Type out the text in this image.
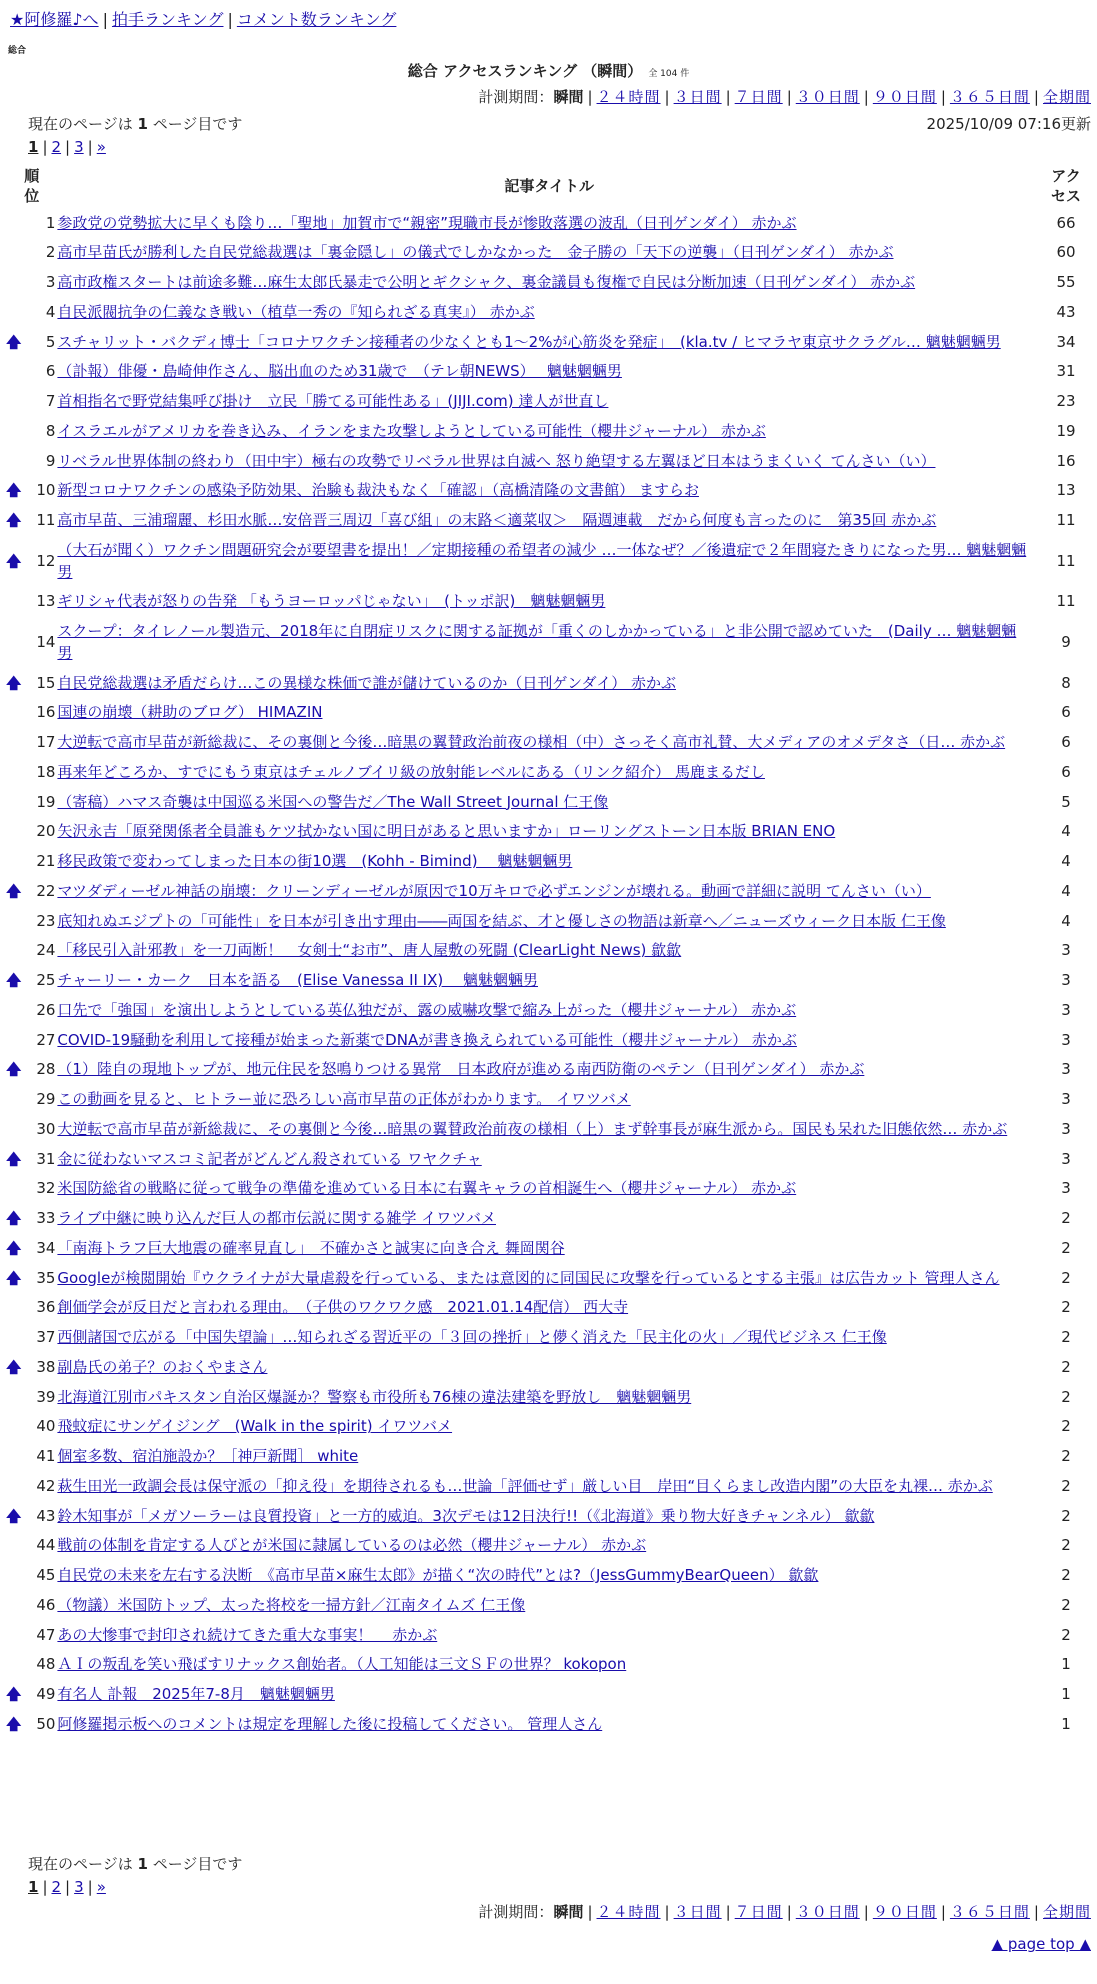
★阿修羅♪へ | 拍手ランキング | コメント数ランキング
総合
総合 アクセスランキング （瞬間） 全 104 件
計測期間：瞬間 | ２４時間 | ３日間 | ７日間 | ３０日間 | ９０日間 | ３６５日間 | 全期間
現在のページは 1 ページ目です	2025/10/09 07:16更新
1 | 2 | 3 | »
順
位		記事タイトル	アク
セス
	1	参政党の党勢拡大に早くも陰り…「聖地」加賀市で“親密”現職市長が惨敗落選の波乱（日刊ゲンダイ） 赤かぶ	66
	2	高市早苗氏が勝利した自民党総裁選は「裏金隠し」の儀式でしかなかった　金子勝の「天下の逆襲」（日刊ゲンダイ） 赤かぶ	60
	3	高市政権スタートは前途多難…麻生太郎氏暴走で公明とギクシャク、裏金議員も復権で自民は分断加速（日刊ゲンダイ） 赤かぶ	55
	4	自民派閥抗争の仁義なき戦い（植草一秀の『知られざる真実』） 赤かぶ	43
🡅	5	スチャリット・バクディ博士「コロナワクチン接種者の少なくとも1～2%が心筋炎を発症」　(kla.tv / ヒマラヤ東京サクラグル… 魑魅魍魎男	34
	6	（訃報）俳優・島崎伸作さん、脳出血のため31歳で　（テレ朝NEWS）　 魑魅魍魎男	31
	7	首相指名で野党結集呼び掛け　立民「勝てる可能性ある」(JIJI.com) 達人が世直し	23
	8	イスラエルがアメリカを巻き込み、イランをまた攻撃しようとしている可能性（櫻井ジャーナル） 赤かぶ	19
	9	リベラル世界体制の終わり（田中宇）極右の攻勢でリベラル世界は自滅へ 怒り絶望する左翼ほど日本はうまくいく てんさい（い）	16
🡅	10	新型コロナワクチンの感染予防効果、治験も裁決もなく「確認」（高橋清隆の文書館） ますらお	13
🡅	11	高市早苗、三浦瑠麗、杉田水脈…安倍晋三周辺「喜び組」の末路＜適菜収＞　隔週連載　だから何度も言ったのに　第35回 赤かぶ	11
🡅	12	（大石が聞く）ワクチン問題研究会が要望書を提出！／定期接種の希望者の減少 …一体なぜ？／後遺症で２年間寝たきりになった男… 魑魅魍魎男	11
	13	ギリシャ代表が怒りの告発 「もうヨーロッパじゃない」　(トッポ訳)　魑魅魍魎男	11
	14	スクープ：タイレノール製造元、2018年に自閉症リスクに関する証拠が「重くのしかかっている」と非公開で認めていた　(Daily … 魑魅魍魎男	9
🡅	15	自民党総裁選は矛盾だらけ…この異様な株価で誰が儲けているのか（日刊ゲンダイ） 赤かぶ	8
	16	国連の崩壊（耕助のブログ） HIMAZIN	6
	17	大逆転で高市早苗が新総裁に、その裏側と今後…暗黒の翼賛政治前夜の様相（中）さっそく高市礼賛、大メディアのオメデタさ（日… 赤かぶ	6
	18	再来年どころか、すでにもう東京はチェルノブイリ級の放射能レベルにある（リンク紹介） 馬鹿まるだし	6
	19	（寄稿）ハマス奇襲は中国巡る米国への警告だ／The Wall Street Journal 仁王像	5
	20	矢沢永吉「原発関係者全員誰もケツ拭かない国に明日があると思いますか」ローリングストーン日本版 BRIAN ENO	4
	21	移民政策で変わってしまった日本の街10選　(Kohh - Bimind)　 魑魅魍魎男	4
🡅	22	マツダディーゼル神話の崩壊：クリーンディーゼルが原因で10万キロで必ずエンジンが壊れる。動画で詳細に説明 てんさい（い）	4
	23	底知れぬエジプトの「可能性」を日本が引き出す理由――両国を結ぶ、才と優しさの物語は新章へ／ニューズウィーク日本版 仁王像	4
	24	「移民引入計邪教」を一刀両断！　女剣士“お市”、唐人屋敷の死闘 (ClearLight News) 歙歙	3
🡅	25	チャーリー・カーク　日本を語る　(Elise Vanessa II IX)　 魑魅魍魎男	3
	26	口先で「強国」を演出しようとしている英仏独だが、露の威嚇攻撃で縮み上がった（櫻井ジャーナル） 赤かぶ	3
	27	COVID-19騒動を利用して接種が始まった新薬でDNAが書き換えられている可能性（櫻井ジャーナル） 赤かぶ	3
🡅	28	（1）陸自の現地トップが、地元住民を怒鳴りつける異常　日本政府が進める南西防衛のペテン（日刊ゲンダイ） 赤かぶ	3
	29	この動画を見ると、ヒトラー並に恐ろしい高市早苗の正体がわかります。 イワツバメ	3
	30	大逆転で高市早苗が新総裁に、その裏側と今後…暗黒の翼賛政治前夜の様相（上）まず幹事長が麻生派から。国民も呆れた旧態依然… 赤かぶ	3
🡅	31	金に従わないマスコミ記者がどんどん殺されている ワヤクチャ	3
	32	米国防総省の戦略に従って戦争の準備を進めている日本に右翼キャラの首相誕生へ（櫻井ジャーナル） 赤かぶ	3
🡅	33	ライブ中継に映り込んだ巨人の都市伝説に関する雑学 イワツバメ	2
🡅	34	「南海トラフ巨大地震の確率見直し」　不確かさと誠実に向き合え 舞岡関谷	2
🡅	35	Googleが検閲開始『ウクライナが大量虐殺を行っている、または意図的に同国民に攻撃を行っているとする主張』は広告カット 管理人さん	2
	36	創価学会が反日だと言われる理由。　（子供のワクワク感　2021.01.14配信） 西大寺	2
	37	西側諸国で広がる「中国失望論」…知られざる習近平の「３回の挫折」と儚く消えた「民主化の火」／現代ビジネス 仁王像	2
🡅	38	副島氏の弟子？のおくやまさん	2
	39	北海道江別市パキスタン自治区爆誕か？警察も市役所も76棟の違法建築を野放し　魑魅魍魎男	2
	40	飛蚊症にサンゲイジング　(Walk in the spirit) イワツバメ	2
	41	個室多数、宿泊施設か？［神戸新聞］ white	2
	42	萩生田光一政調会長は保守派の「抑え役」を期待されるも…世論「評価せず」厳しい目　岸田“目くらまし改造内閣”の大臣を丸裸… 赤かぶ	2
🡅	43	鈴木知事が「メガソーラーは良質投資」と一方的威迫。3次デモは12日決行!!（《北海道》乗り物大好きチャンネル） 歙歙	2
	44	戦前の体制を肯定する人びとが米国に隷属しているのは必然（櫻井ジャーナル） 赤かぶ	2
	45	自民党の未来を左右する決断　《高市早苗×麻生太郎》が描く“次の時代”とは?（JessGummyBearQueen） 歙歙	2
	46	（物議）米国防トップ、太った将校を一掃方針／江南タイムズ 仁王像	2
	47	あの大惨事で封印され続けてきた重大な事実！　 赤かぶ	2
	48	ＡＩの叛乱を笑い飛ばすリナックス創始者。（人工知能は三文ＳＦの世界？ kokopon	1
🡅	49	有名人 訃報　2025年7-8月　魑魅魍魎男	1
🡅	50	阿修羅掲示板へのコメントは規定を理解した後に投稿してください。 管理人さん	1
現在のページは 1 ページ目です
1 | 2 | 3 | »
計測期間：瞬間 | ２４時間 | ３日間 | ７日間 | ３０日間 | ９０日間 | ３６５日間 | 全期間
▲ page top ▲
